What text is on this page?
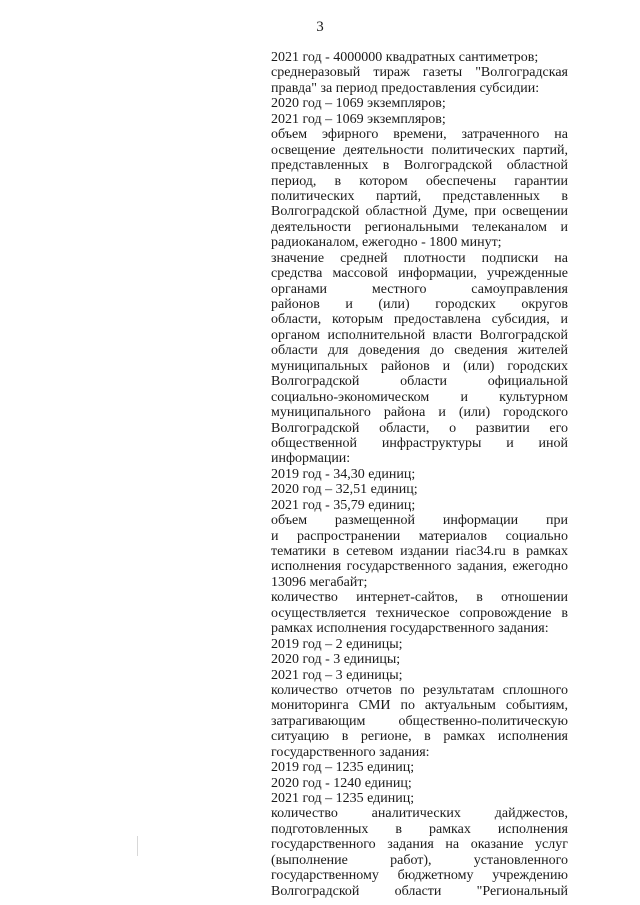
3
2021 год - 4000000 квадратных сантиметров;
среднеразовый тираж газеты "Волгоградская
правда" за период предоставления субсидии:
2020 год – 1069 экземпляров;
2021 год – 1069 экземпляров;
объем эфирного времени, затраченного на
освещение деятельности политических партий,
представленных в Волгоградской областной
период, в котором обеспечены гарантии
политических партий, представленных в
Волгоградской областной Думе, при освещении
деятельности региональными телеканалом и
радиоканалом, ежегодно - 1800 минут;
значение средней плотности подписки на
средства массовой информации, учрежденные
органами местного самоуправления
районов и (или) городских округов
области, которым предоставлена субсидия, и
органом исполнительной власти Волгоградской
области для доведения до сведения жителей
муниципальных районов и (или) городских
Волгоградской области официальной
социально-экономическом и культурном
муниципального района и (или) городского
Волгоградской области, о развитии его
общественной инфраструктуры и иной
информации:
2019 год - 34,30 единиц;
2020 год – 32,51 единиц;
2021 год - 35,79 единиц;
объем размещенной информации при
и распространении материалов социально
тематики в сетевом издании riac34.ru в рамках
исполнения государственного задания, ежегодно
13096 мегабайт;
количество интернет-сайтов, в отношении
осуществляется техническое сопровождение в
рамках исполнения государственного задания:
2019 год – 2 единицы;
2020 год - 3 единицы;
2021 год – 3 единицы;
количество отчетов по результатам сплошного
мониторинга СМИ по актуальным событиям,
затрагивающим общественно-политическую
ситуацию в регионе, в рамках исполнения
государственного задания:
2019 год – 1235 единиц;
2020 год - 1240 единиц;
2021 год – 1235 единиц;
количество аналитических дайджестов,
подготовленных в рамках исполнения
государственного задания на оказание услуг
(выполнение работ), установленного
государственному бюджетному учреждению
Волгоградской области "Региональный
